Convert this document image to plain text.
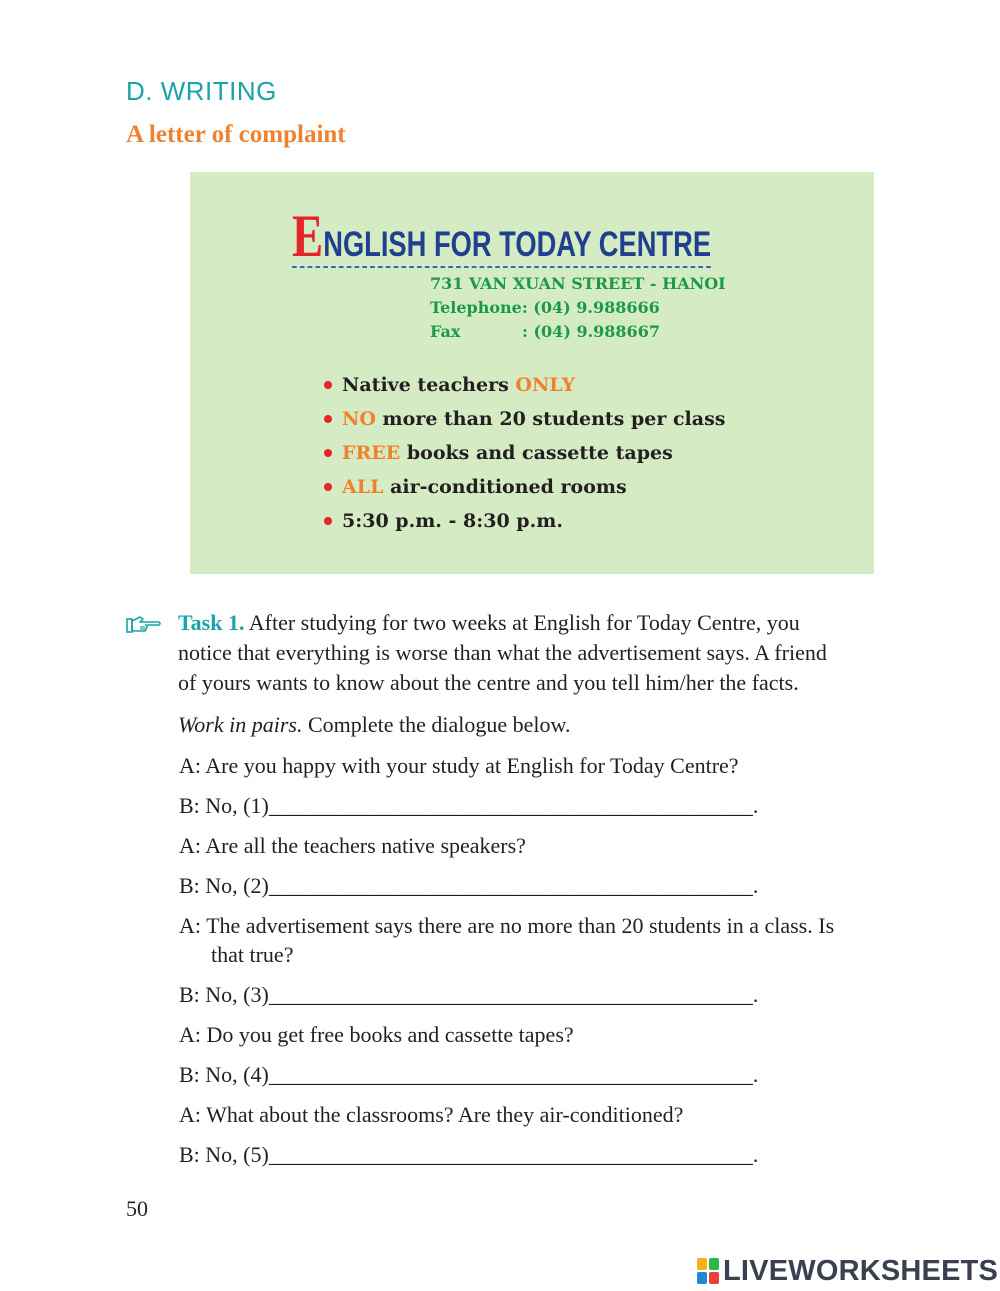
D. WRITING
A letter of complaint
ENGLISH FOR TODAY CENTRE
731 VAN XUAN STREET - HANOI
Telephone: (04) 9.988666
Fax	: (04) 9.988667
Native teachers ONLY
NO more than 20 students per class
FREE books and cassette tapes
ALL air-conditioned rooms
5:30 p.m. - 8:30 p.m.
Task 1. After studying for two weeks at English for Today Centre, you
notice that everything is worse than what the advertisement says. A friend
of yours wants to know about the centre and you tell him/her the facts.
Work in pairs. Complete the dialogue below.
A: Are you happy with your study at English for Today Centre?
B: No, (1)____________________________________________.
A: Are all the teachers native speakers?
B: No, (2)____________________________________________.
A: The advertisement says there are no more than 20 students in a class. Is that true?
B: No, (3)____________________________________________.
A: Do you get free books and cassette tapes?
B: No, (4)____________________________________________.
A: What about the classrooms? Are they air-conditioned?
B: No, (5)____________________________________________.
50
LIVEWORKSHEETS
